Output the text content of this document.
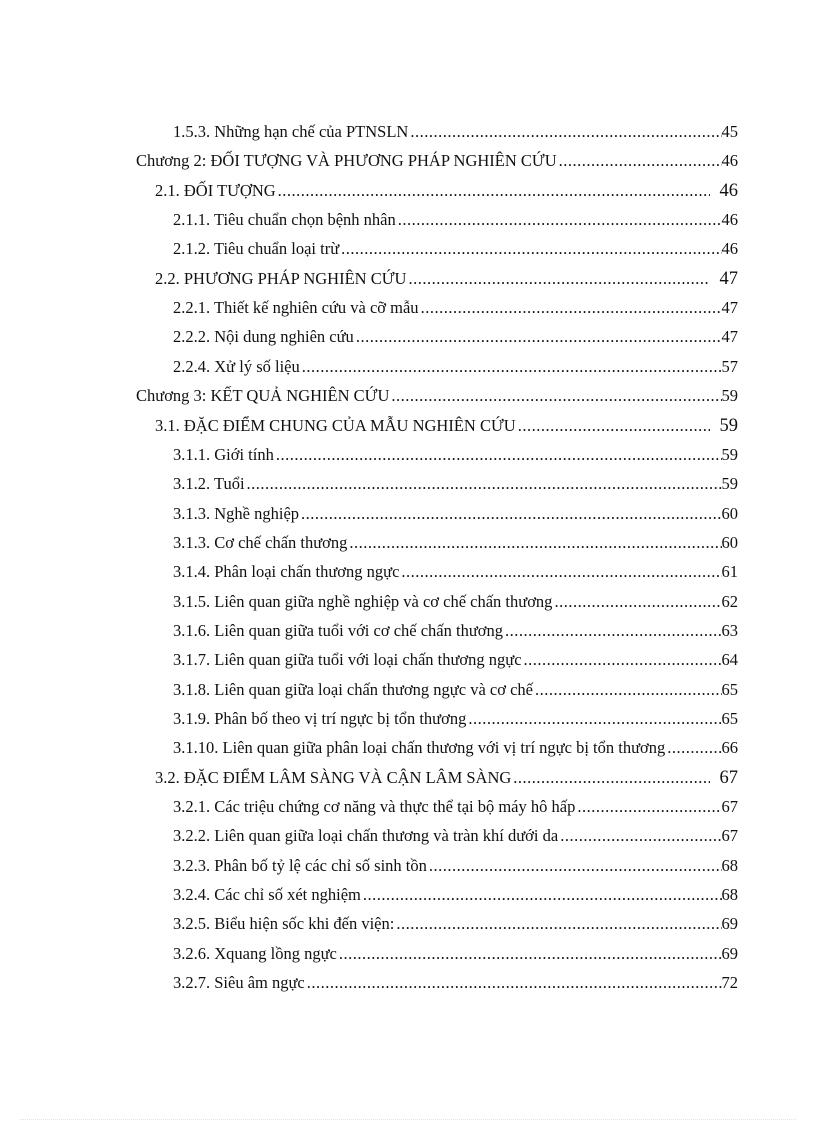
1.5.3. Những hạn chế của PTNSLN .....	45
Chương 2: ĐỐI TƯỢNG VÀ PHƯƠNG PHÁP NGHIÊN CỨU .....	46
2.1. ĐỐI TƯỢNG .....	46
2.1.1. Tiêu chuẩn chọn bệnh nhân .....	46
2.1.2. Tiêu chuẩn loại trừ .....	46
2.2. PHƯƠNG PHÁP NGHIÊN CỨU .....	47
2.2.1. Thiết kế nghiên cứu và cỡ mẫu .....	47
2.2.2. Nội dung nghiên cứu .....	47
2.2.4. Xử lý số liệu .....	57
Chương 3: KẾT QUẢ NGHIÊN CỨU .....	59
3.1. ĐẶC ĐIỂM CHUNG CỦA MẪU NGHIÊN CỨU .....	59
3.1.1. Giới tính .....	59
3.1.2. Tuổi .....	59
3.1.3. Nghề nghiệp .....	60
3.1.3. Cơ chế chấn thương .....	60
3.1.4. Phân loại chấn thương ngực .....	61
3.1.5. Liên quan giữa nghề nghiệp và cơ chế chấn thương .....	62
3.1.6. Liên quan giữa tuổi với cơ chế chấn thương .....	63
3.1.7. Liên quan giữa tuổi với loại chấn thương ngực .....	64
3.1.8. Liên quan giữa loại chấn thương ngực và cơ chế .....	65
3.1.9. Phân bố theo vị trí ngực bị tổn thương .....	65
3.1.10. Liên quan giữa phân loại chấn thương với vị trí ngực bị tổn thương .....	66
3.2. ĐẶC ĐIỂM LÂM SÀNG VÀ CẬN LÂM SÀNG .....	67
3.2.1. Các triệu chứng cơ năng và thực thể tại bộ máy hô hấp .....	67
3.2.2. Liên quan giữa loại chấn thương và tràn khí dưới da .....	67
3.2.3. Phân bố tỷ lệ các chỉ số sinh tồn .....	68
3.2.4. Các chỉ số xét nghiệm .....	68
3.2.5. Biểu hiện sốc khi đến viện: .....	69
3.2.6. Xquang lồng ngực .....	69
3.2.7. Siêu âm ngực .....	72
